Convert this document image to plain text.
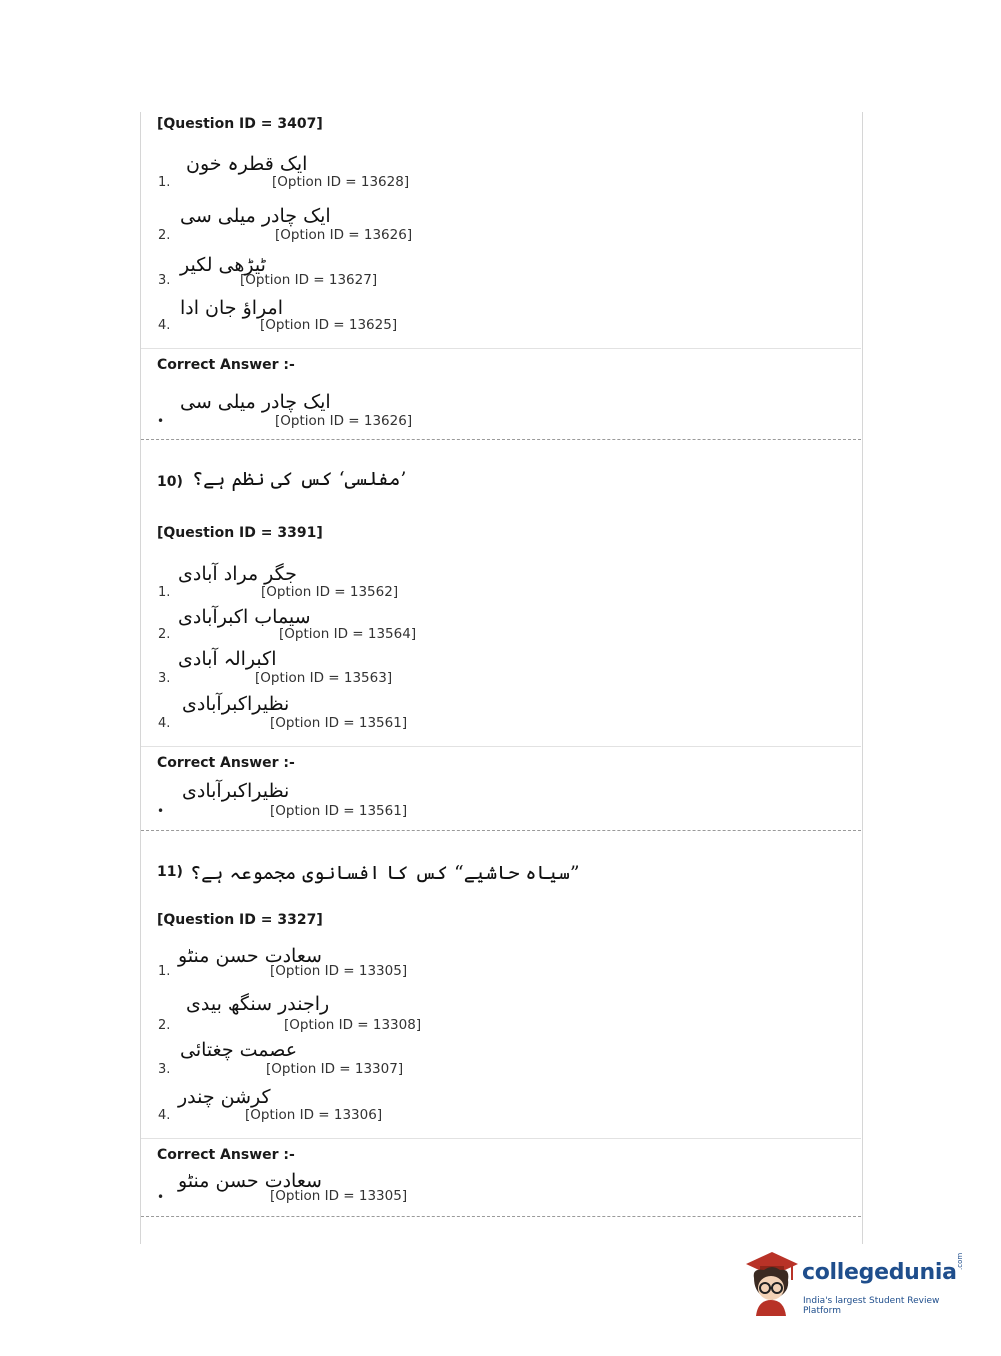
[Question ID = 3407]
1.
ایک قطرہ خون
[Option ID = 13628]
2.
ایک چادر میلی سی
[Option ID = 13626]
3.
ٹیڑھی لکیر
[Option ID = 13627]
4.
امراؤ جان ادا
[Option ID = 13625]
Correct Answer :-
•
ایک چادر میلی سی
[Option ID = 13626]
10) ’مفلسی‘ کس کی نظم ہے؟
[Question ID = 3391]
1.
جگر مراد آبادی
[Option ID = 13562]
2.
سیماب اکبرآبادی
[Option ID = 13564]
3.
اکبرالہ آبادی
[Option ID = 13563]
4.
نظیراکبرآبادی
[Option ID = 13561]
Correct Answer :-
•
نظیراکبرآبادی
[Option ID = 13561]
11) ”سیاہ حاشیے“ کس کا افسانوی مجموعہ ہے؟
[Question ID = 3327]
1.
سعادت حسن منٹو
[Option ID = 13305]
2.
راجندر سنگھ بیدی
[Option ID = 13308]
3.
عصمت چغتائی
[Option ID = 13307]
4.
کرشن چندر
[Option ID = 13306]
Correct Answer :-
•
سعادت حسن منٹو
[Option ID = 13305]
collegedunia .com
India's largest Student Review Platform
